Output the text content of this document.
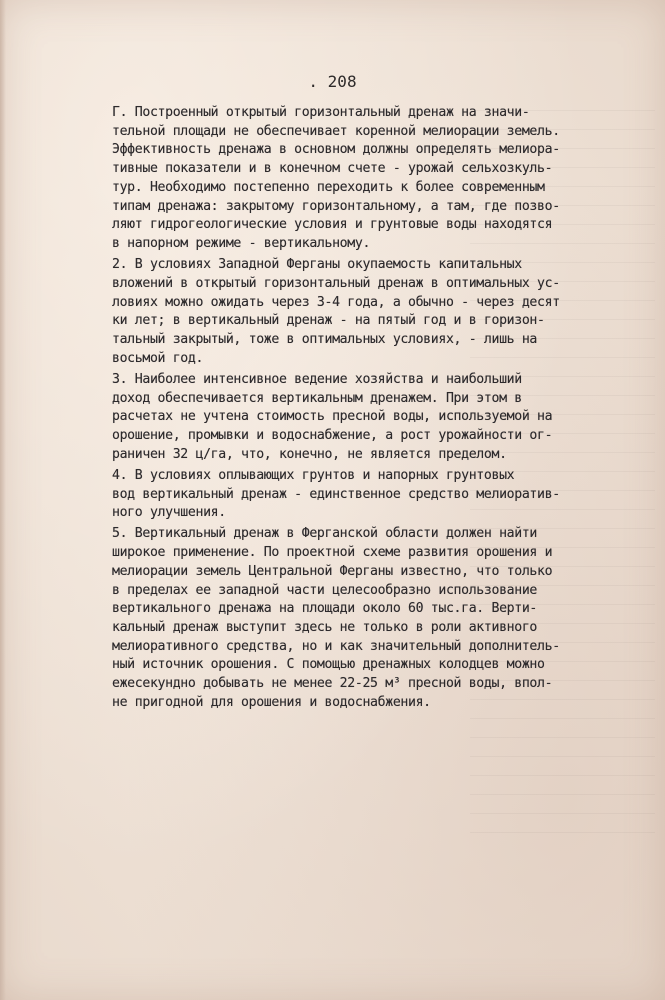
. 208
Г. Построенный открытый горизонтальный дренаж на значи-
тельной площади не обеспечивает коренной мелиорации земель.
Эффективность дренажа в основном должны определять мелиора-
тивные показатели и в конечном счете - урожай сельхозкуль-
тур. Необходимо постепенно переходить к более современным
типам дренажа: закрытому горизонтальному, а там, где позво-
ляют гидрогеологические условия и грунтовые воды находятся
в напорном режиме - вертикальному.
2. В условиях Западной Ферганы окупаемость капитальных
вложений в открытый горизонтальный дренаж в оптимальных ус-
ловиях можно ожидать через 3-4 года, а обычно - через десят
ки лет; в вертикальный дренаж - на пятый год и в горизон-
тальный закрытый, тоже в оптимальных условиях, - лишь на
восьмой год.
3. Наиболее интенсивное ведение хозяйства и наибольший
доход обеспечивается вертикальным дренажем. При этом в
расчетах не учтена стоимость пресной воды, используемой на
орошение, промывки и водоснабжение, а рост урожайности ог-
раничен 32 ц/га, что, конечно, не является пределом.
4. В условиях оплывающих грунтов и напорных грунтовых
вод вертикальный дренаж - единственное средство мелиоратив-
ного улучшения.
5. Вертикальный дренаж в Ферганской области должен найти
широкое применение. По проектной схеме развития орошения и
мелиорации земель Центральной Ферганы известно, что только
в пределах ее западной части целесообразно использование
вертикального дренажа на площади около 60 тыс.га. Верти-
кальный дренаж выступит здесь не только в роли активного
мелиоративного средства, но и как значительный дополнитель-
ный источник орошения. С помощью дренажных колодцев можно
ежесекундно добывать не менее 22-25 м³ пресной воды, впол-
не пригодной для орошения и водоснабжения.
